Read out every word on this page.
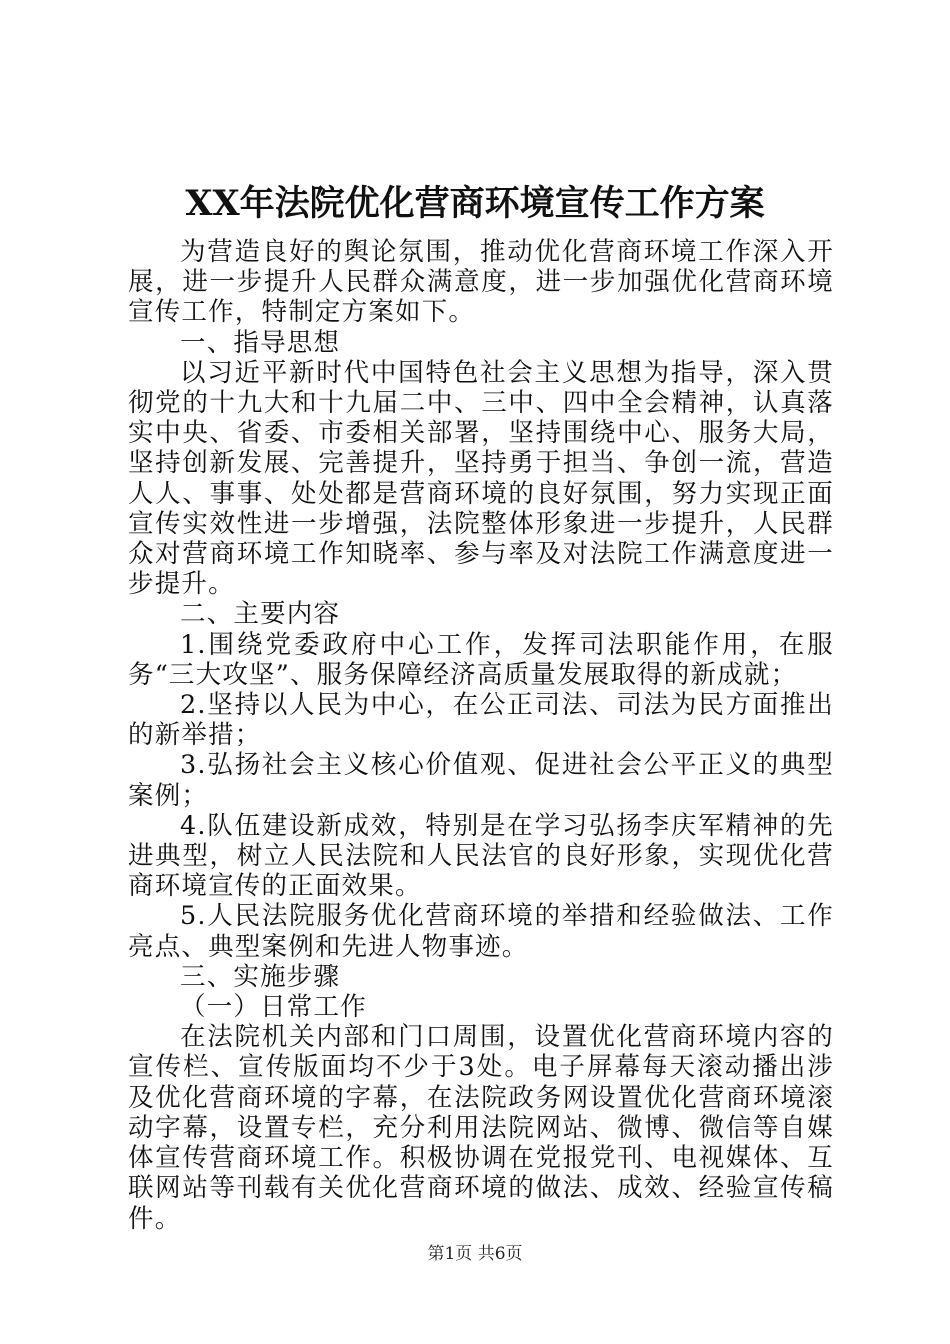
XX年法院优化营商环境宣传工作方案

为营造良好的舆论氛围，推动优化营商环境工作深入开展，进一步提升人民群众满意度，进一步加强优化营商环境宣传工作，特制定方案如下。

一、指导思想

以习近平新时代中国特色社会主义思想为指导，深入贯彻党的十九大和十九届二中、三中、四中全会精神，认真落实中央、省委、市委相关部署，坚持围绕中心、服务大局，坚持创新发展、完善提升，坚持勇于担当、争创一流，营造人人、事事、处处都是营商环境的良好氛围，努力实现正面宣传实效性进一步增强，法院整体形象进一步提升，人民群众对营商环境工作知晓率、参与率及对法院工作满意度进一步提升。

二、主要内容

1.围绕党委政府中心工作，发挥司法职能作用，在服务“三大攻坚”、服务保障经济高质量发展取得的新成就；

2.坚持以人民为中心，在公正司法、司法为民方面推出的新举措；

3.弘扬社会主义核心价值观、促进社会公平正义的典型案例；

4.队伍建设新成效，特别是在学习弘扬李庆军精神的先进典型，树立人民法院和人民法官的良好形象，实现优化营商环境宣传的正面效果。

5.人民法院服务优化营商环境的举措和经验做法、工作亮点、典型案例和先进人物事迹。

三、实施步骤

（一）日常工作

在法院机关内部和门口周围，设置优化营商环境内容的宣传栏、宣传版面均不少于3处。电子屏幕每天滚动播出涉及优化营商环境的字幕，在法院政务网设置优化营商环境滚动字幕，设置专栏，充分利用法院网站、微博、微信等自媒体宣传营商环境工作。积极协调在党报党刊、电视媒体、互联网站等刊载有关优化营商环境的做法、成效、经验宣传稿件。

第1页 共6页
